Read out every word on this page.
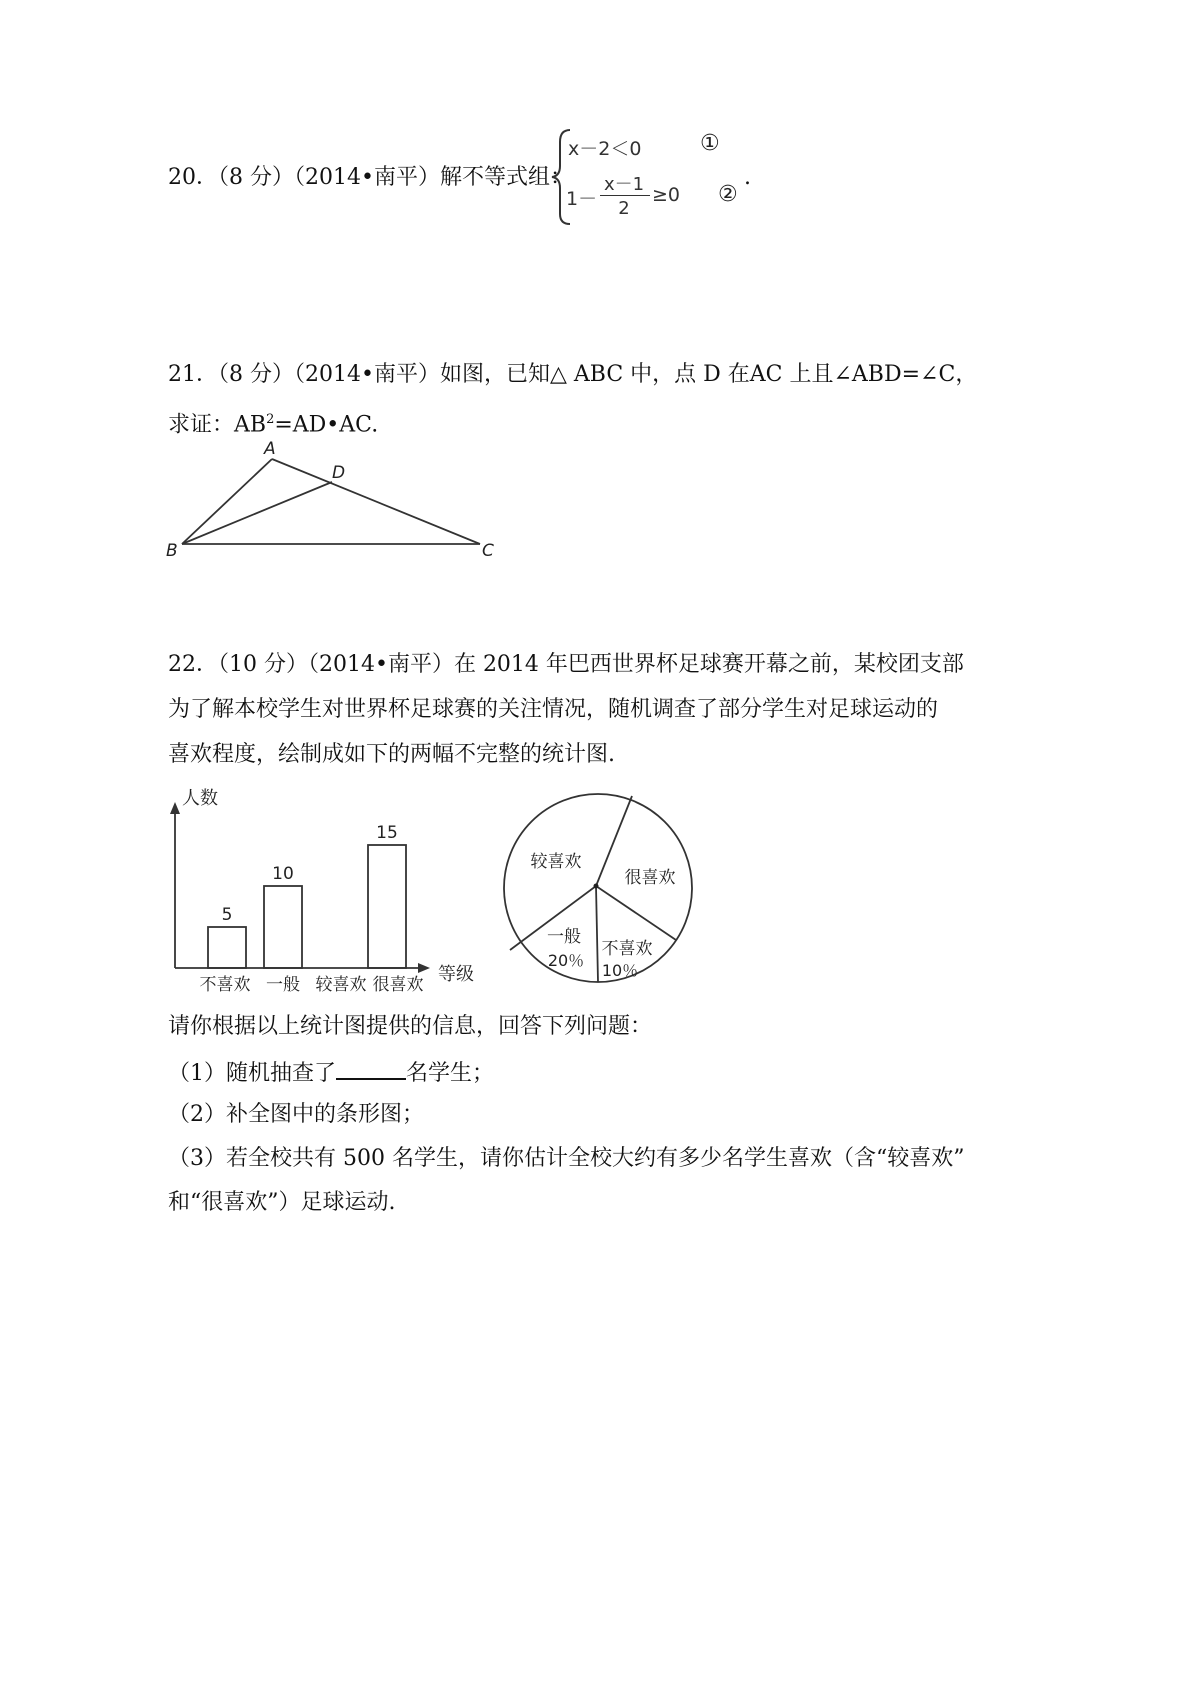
20．（8 分）（2014•南平）解不等式组：
x－2＜0	①
1－
x－1
2
≥0 ②
.
21．（8 分）（2014•南平）如图，已知△ ABC 中，点 D 在AC 上且∠ABD=∠C，
求证：$AB^2=AD•AC$.
A
D
B	C
22．（10 分）（2014•南平）在 2014 年巴西世界杯足球赛开幕之前，某校团支部
为了解本校学生对世界杯足球赛的关注情况，随机调查了部分学生对足球运动的
喜欢程度，绘制成如下的两幅不完整的统计图.
人数
等级
5
不喜欢
10
一般 较喜欢
15
很喜欢
很喜欢
不喜欢
10％
一般
20％
较喜欢
请你根据以上统计图提供的信息，回答下列问题：
（1）随机抽查了	名学生；
（2）补全图中的条形图；
（3）若全校共有 500 名学生，请你估计全校大约有多少名学生喜欢（含“较喜欢”
和“很喜欢”）足球运动.
